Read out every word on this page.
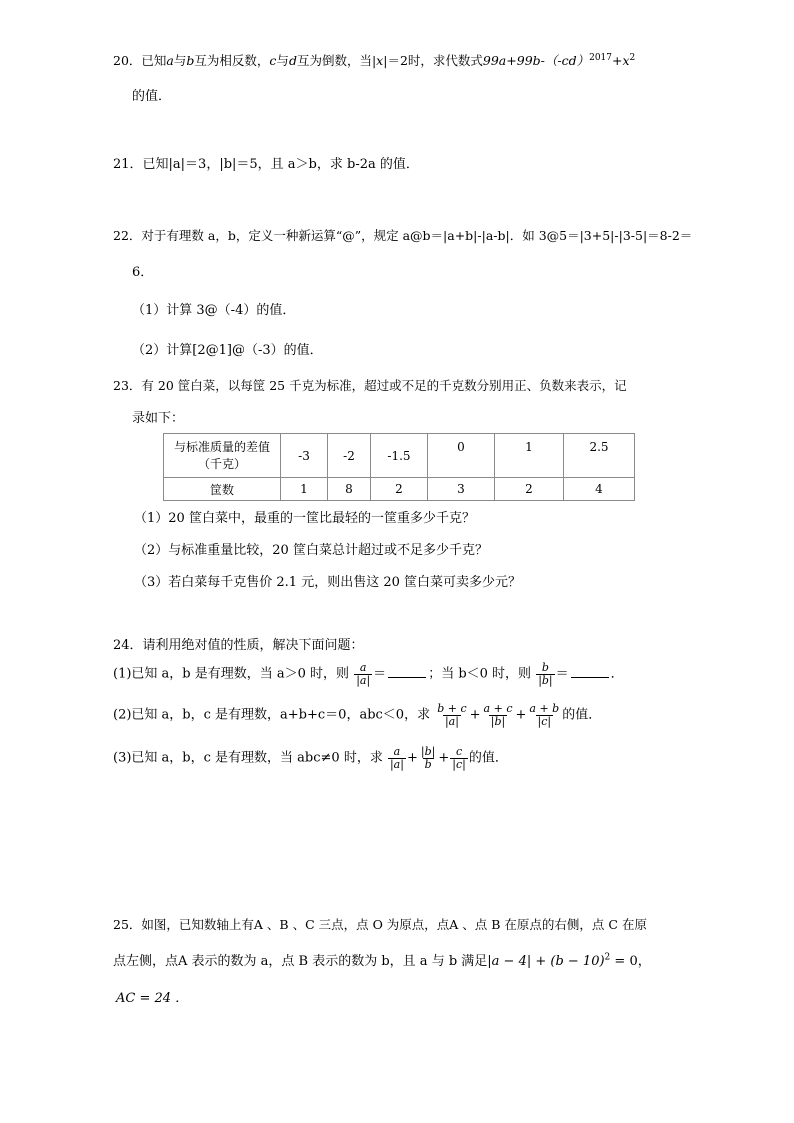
20．已知a与b互为相反数，c与d互为倒数，当|x|＝2时，求代数式$99a+99b-(-cd)^{2017}+x^2$
的值．
21．已知|a|＝3，|b|＝5，且 a＞b，求 b-2a 的值．
22．对于有理数 a，b，定义一种新运算“@”，规定 a@b＝|a+b|-|a-b|．如 3@5＝|3+5|-|3-5|＝8-2＝
6．
（1）计算 3@（-4）的值．
（2）计算[2@1]@（-3）的值．
23．有 20 筐白菜，以每筐 25 千克为标准，超过或不足的千克数分别用正、负数来表示，记
录如下：
与标准质量的差值
（千克）	-3	-2	-1.5	0	1	2.5
筐数	1	8	2	3	2	4
（1）20 筐白菜中，最重的一筐比最轻的一筐重多少千克？
（2）与标准重量比较，20 筐白菜总计超过或不足多少千克？
（3）若白菜每千克售价 2.1 元，则出售这 20 筐白菜可卖多少元？
24．请利用绝对值的性质，解决下面问题：
(1)已知 a，b 是有理数，当 a＞0 时，则 $\frac{a}{|a|}$ ＝	；当 b＜0 时，则 $\frac{b}{|b|}$ ＝	．
(2)已知 a，b，c 是有理数，a+b+c＝0，abc＜0，求 $\frac{b + c}{|a|} + \frac{a + c}{|b|} + \frac{a + b}{|c|}$ 的值．
(3)已知 a，b，c 是有理数，当 abc≠0 时，求 $\frac{a}{|a|} + \frac{|b|}{b} + \frac{c}{|c|}$ 的值．
25．如图，已知数轴上有A 、B 、C 三点，点 O 为原点，点A 、点 B 在原点的右侧，点 C 在原
点左侧，点A 表示的数为 a，点 B 表示的数为 b，且 a 与 b 满足$|a - 4| + (b - 10)^2 = 0$，
AC = 24 ．
